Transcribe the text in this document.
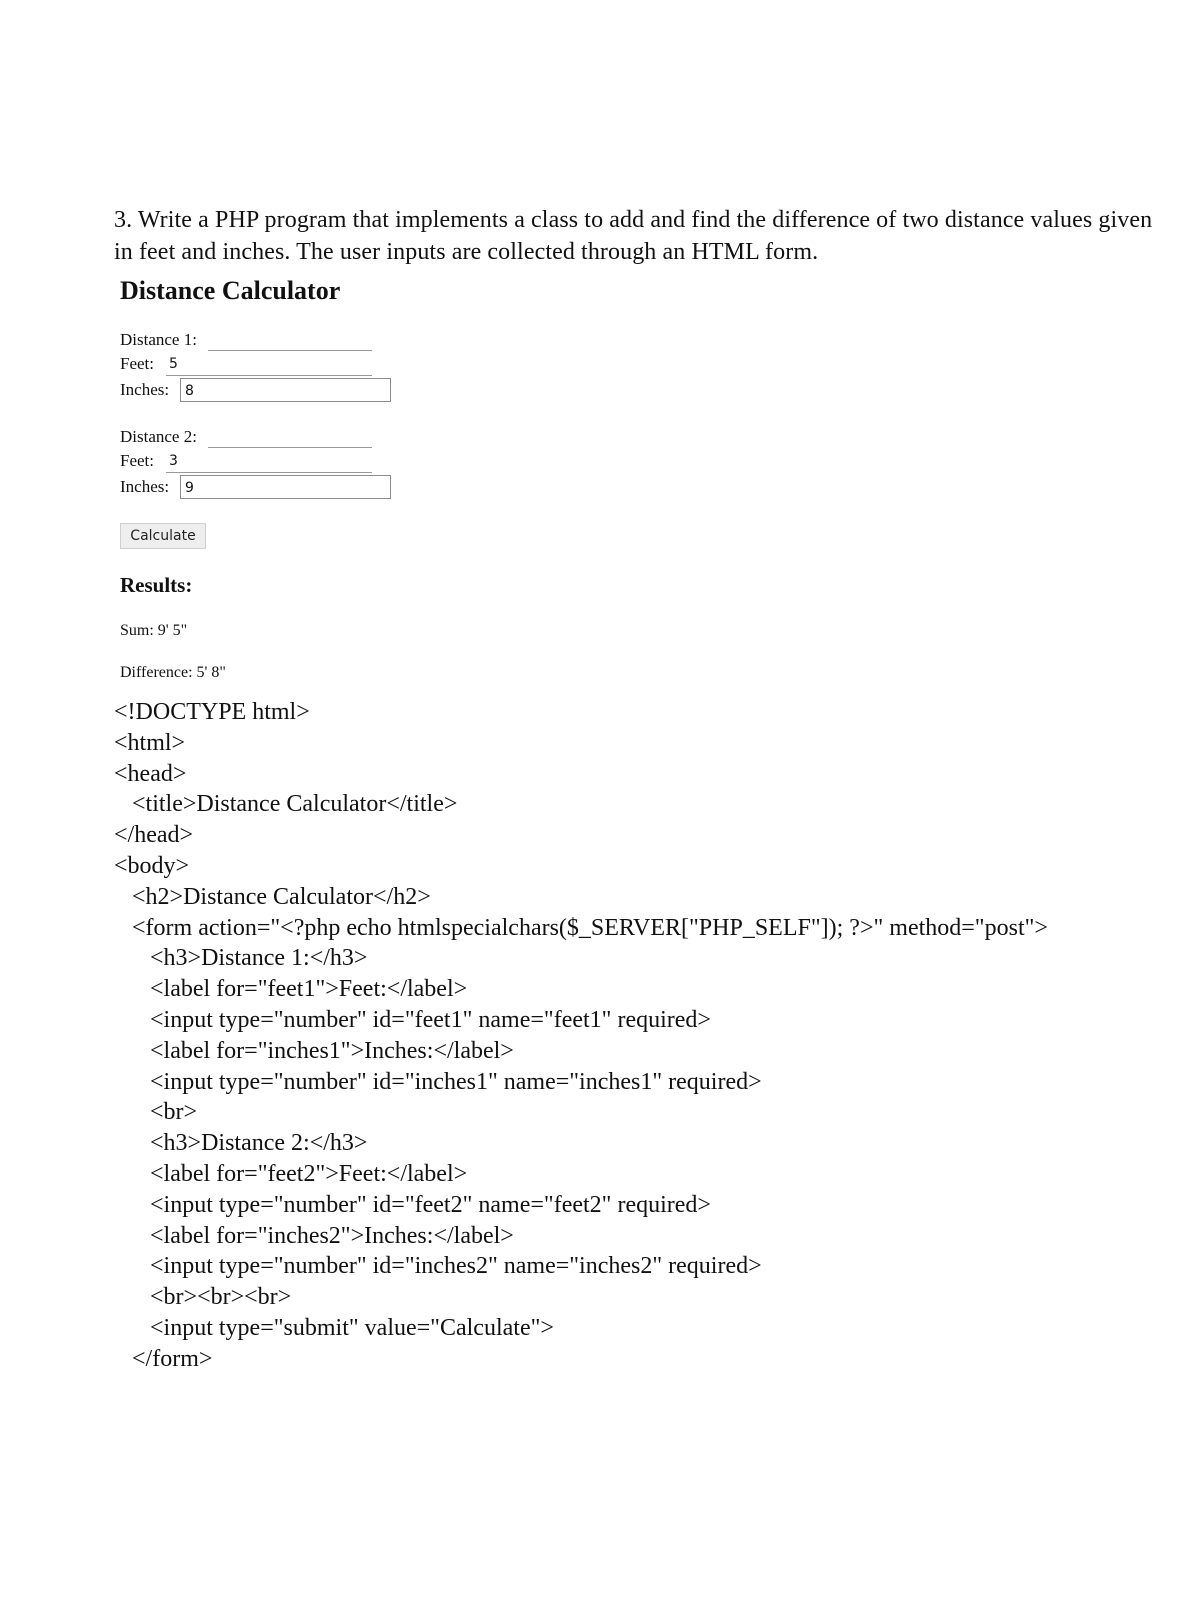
3. Write a PHP program that implements a class to add and find the difference of two distance values given in feet and inches. The user inputs are collected through an HTML form.
Distance Calculator
Distance 1:
Feet: 5
Inches:	8
Distance 2:
Feet: 3
Inches:	9
Calculate
Results:
Sum: 9' 5"
Difference: 5' 8"
<!DOCTYPE html>
<html>
<head>
<title>Distance Calculator</title>
</head>
<body>
<h2>Distance Calculator</h2>
<form action="<?php echo htmlspecialchars($_SERVER["PHP_SELF"]); ?>" method="post">
<h3>Distance 1:</h3>
<label for="feet1">Feet:</label>
<input type="number" id="feet1" name="feet1" required>
<label for="inches1">Inches:</label>
<input type="number" id="inches1" name="inches1" required>
<br>
<h3>Distance 2:</h3>
<label for="feet2">Feet:</label>
<input type="number" id="feet2" name="feet2" required>
<label for="inches2">Inches:</label>
<input type="number" id="inches2" name="inches2" required>
<br><br><br>
<input type="submit" value="Calculate">
</form>
